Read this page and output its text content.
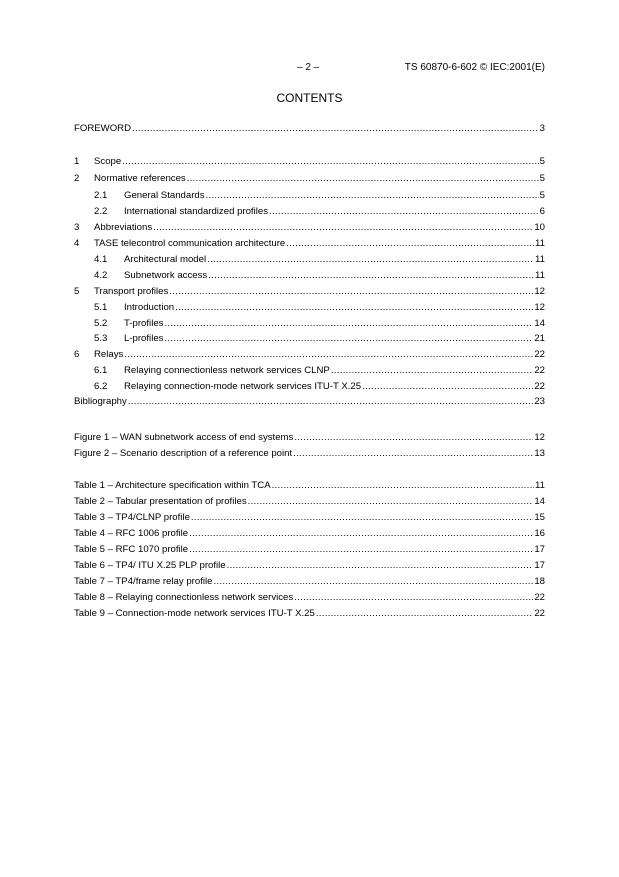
– 2 –	TS 60870-6-602 © IEC:2001(E)
CONTENTS
FOREWORD .....	3
1	Scope .....	5
2	Normative references .....	5
2.1	General Standards .....	5
2.2	International standardized profiles .....	6
3	Abbreviations .....	10
4	TASE telecontrol communication architecture .....	11
4.1	Architectural model .....	11
4.2	Subnetwork access .....	11
5	Transport profiles .....	12
5.1	Introduction .....	12
5.2	T-profiles .....	14
5.3	L-profiles .....	21
6	Relays .....	22
6.1	Relaying connectionless network services CLNP .....	22
6.2	Relaying connection-mode network services ITU-T X.25 .....	22
Bibliography .....	23
Figure 1 – WAN subnetwork access of end systems .....	12
Figure 2 – Scenario description of a reference point .....	13
Table 1 – Architecture specification within TCA .....	11
Table 2 – Tabular presentation of profiles .....	14
Table 3 – TP4/CLNP profile .....	15
Table 4 – RFC 1006 profile .....	16
Table 5 – RFC 1070 profile .....	17
Table 6 – TP4/ ITU X.25 PLP profile .....	17
Table 7 – TP4/frame relay profile .....	18
Table 8 – Relaying connectionless network services .....	22
Table 9 – Connection-mode network services ITU-T X.25 .....	22
